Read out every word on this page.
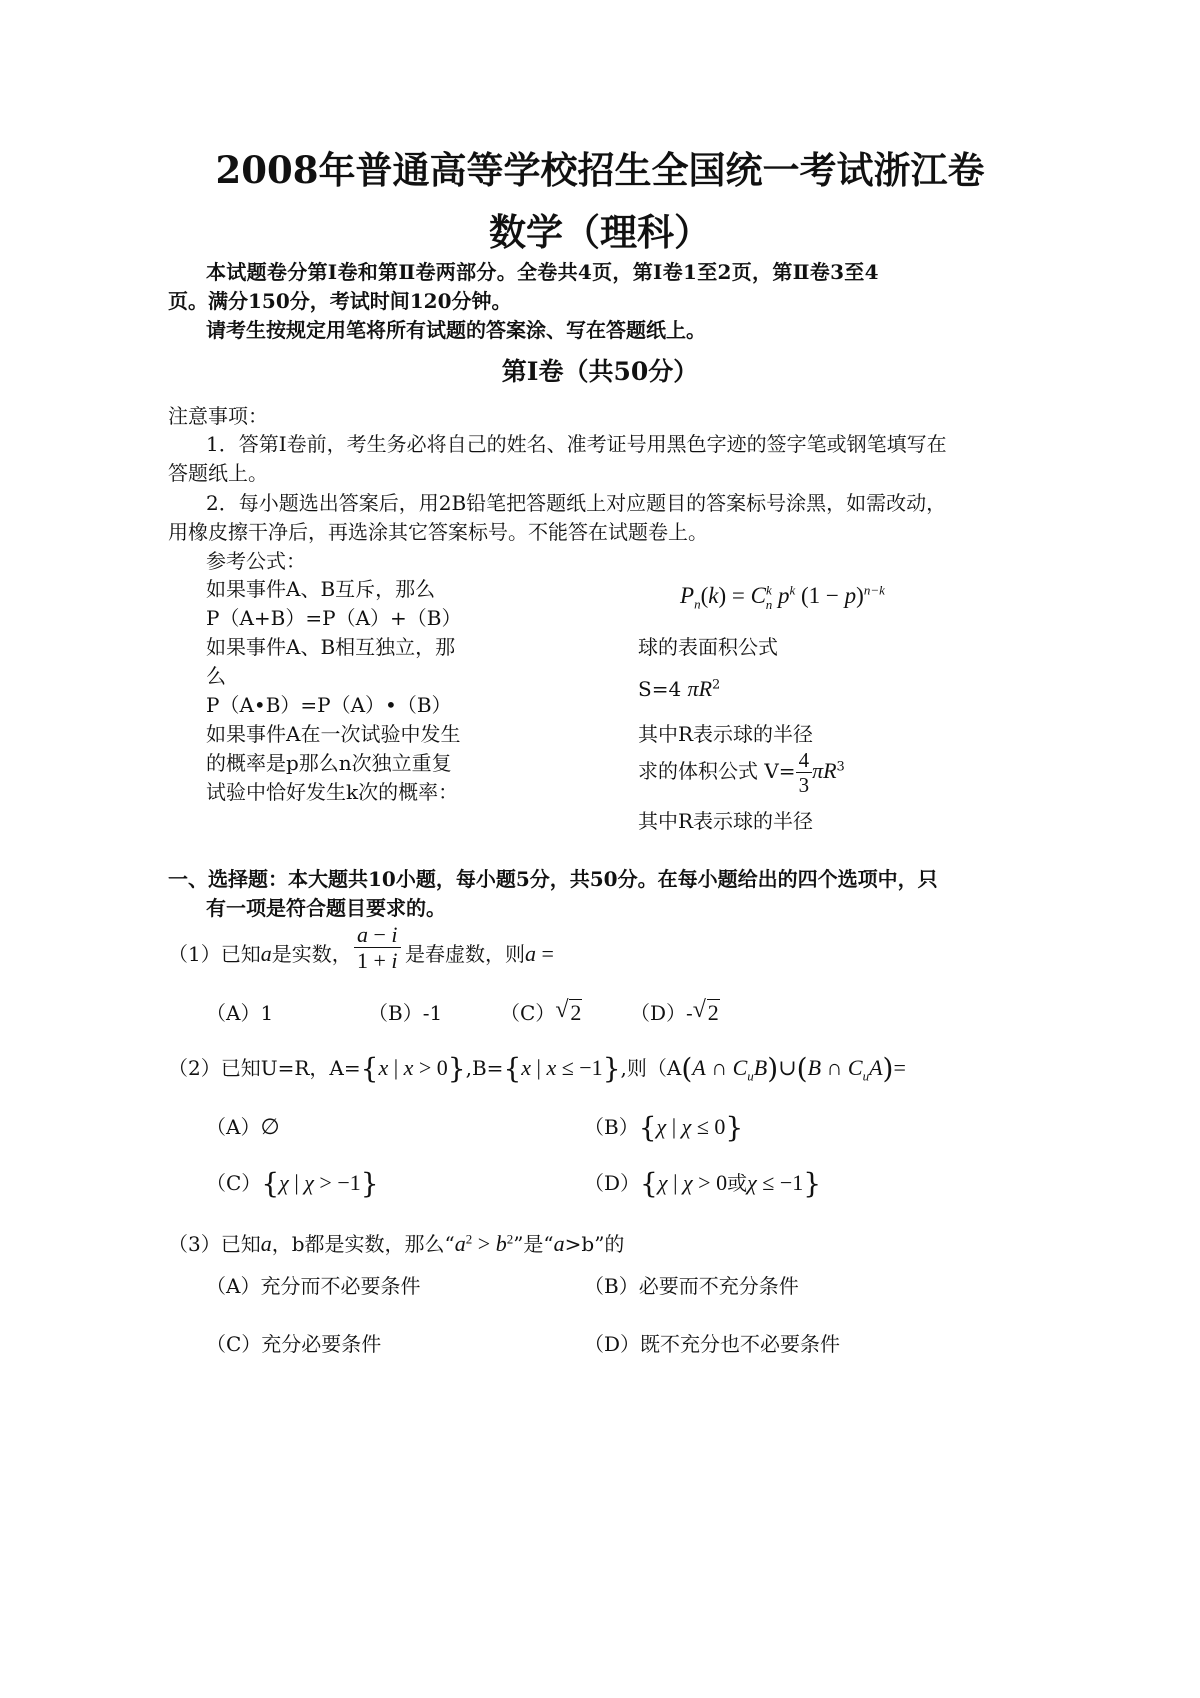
2008年普通高等学校招生全国统一考试浙江卷
数学（理科）
本试题卷分第Ⅰ卷和第Ⅱ卷两部分。全卷共4页，第Ⅰ卷1至2页，第Ⅱ卷3至4
页。满分150分，考试时间120分钟。
请考生按规定用笔将所有试题的答案涂、写在答题纸上。
第Ⅰ卷（共50分）
注意事项：
1．答第Ⅰ卷前，考生务必将自己的姓名、准考证号用黑色字迹的签字笔或钢笔填写在
答题纸上。
2．每小题选出答案后，用2B铅笔把答题纸上对应题目的答案标号涂黑，如需改动，
用橡皮擦干净后，再选涂其它答案标号。不能答在试题卷上。
参考公式：
如果事件A、B互斥，那么
P（A+B）=P（A）+（B）
如果事件A、B相互独立，那
么
P（A•B）=P（A）•（B）
如果事件A在一次试验中发生
的概率是p那么n次独立重复
试验中恰好发生k次的概率：
$P_n(k) = C^k_n$ $p^k$ $(1 - p)^{n-k}$
球的表面积公式
S=4 $\pi R^2$
其中R表示球的半径
求的体积公式 $V= \frac{4}{3} \pi R^3$
其中R表示球的半径
一、选择题：本大题共10小题，每小题5分，共50分。在每小题给出的四个选项中，只
有一项是符合题目要求的。
（1）已知a是实数， $\frac{a - i}{1 + i}$ 是春虚数，则a =
（A）1	（B）-1	（C） √ 2 （D）- √ 2
（2）已知U=R，A={x | x > 0},B={x | x ≤ −1},则（A(A ∩ $C_uB)\cup(B$ ∩ $C_uA)=$
（A）∅	（B）{χ | χ ≤ 0}
（C）{χ | χ > −1}	（D）{χ | χ > 0或χ ≤ −1}
（3）已知a，b都是实数，那么“$a^2 > b^2$”是“a>b”的
（A）充分而不必要条件	（B）必要而不充分条件
（C）充分必要条件	（D）既不充分也不必要条件
